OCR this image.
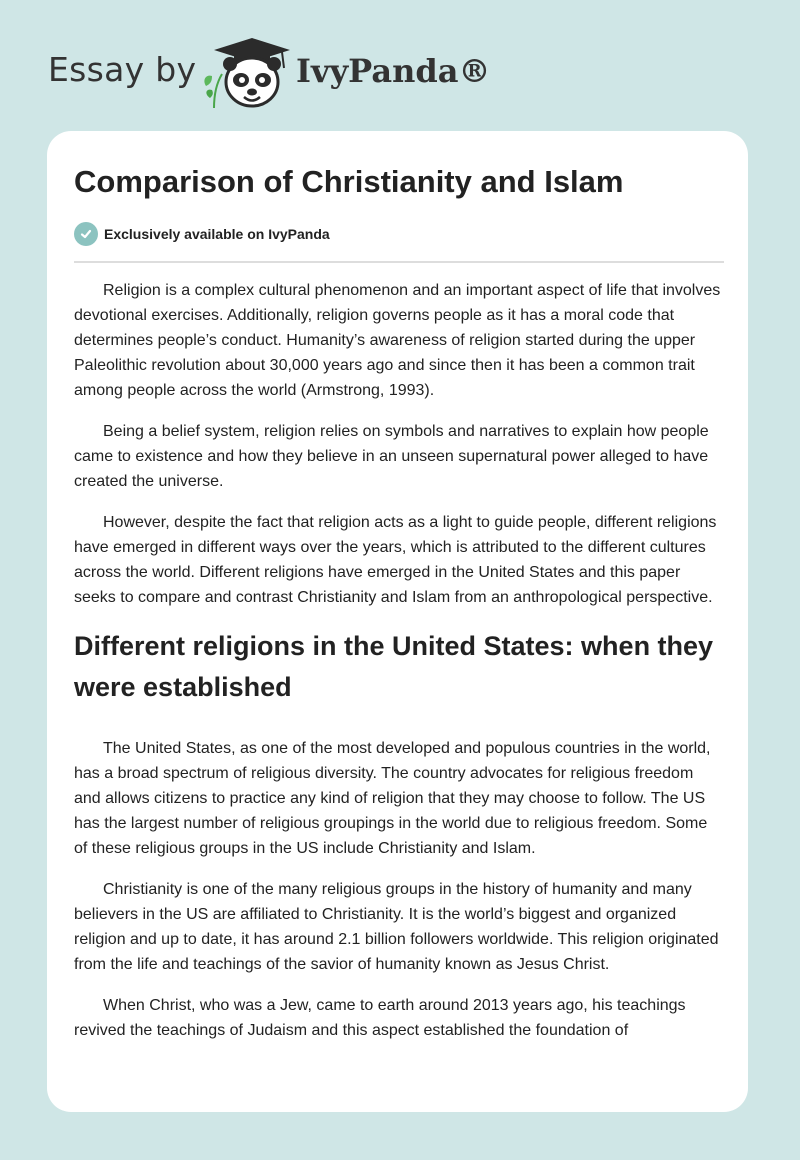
Essay by	IvyPanda®
Comparison of Christianity and Islam
Exclusively available on IvyPanda

Religion is a complex cultural phenomenon and an important aspect of life that involves devotional exercises. Additionally, religion governs people as it has a moral code that determines people’s conduct. Humanity’s awareness of religion started during the upper Paleolithic revolution about 30,000 years ago and since then it has been a common trait among people across the world (Armstrong, 1993).

Being a belief system, religion relies on symbols and narratives to explain how people came to existence and how they believe in an unseen supernatural power alleged to have created the universe.

However, despite the fact that religion acts as a light to guide people, different religions have emerged in different ways over the years, which is attributed to the different cultures across the world. Different religions have emerged in the United States and this paper seeks to compare and contrast Christianity and Islam from an anthropological perspective.

Different religions in the United States: when they were established

The United States, as one of the most developed and populous countries in the world, has a broad spectrum of religious diversity. The country advocates for religious freedom and allows citizens to practice any kind of religion that they may choose to follow. The US has the largest number of religious groupings in the world due to religious freedom. Some of these religious groups in the US include Christianity and Islam.

Christianity is one of the many religious groups in the history of humanity and many believers in the US are affiliated to Christianity. It is the world’s biggest and organized religion and up to date, it has around 2.1 billion followers worldwide. This religion originated from the life and teachings of the savior of humanity known as Jesus Christ.

When Christ, who was a Jew, came to earth around 2013 years ago, his teachings revived the teachings of Judaism and this aspect established the foundation of
